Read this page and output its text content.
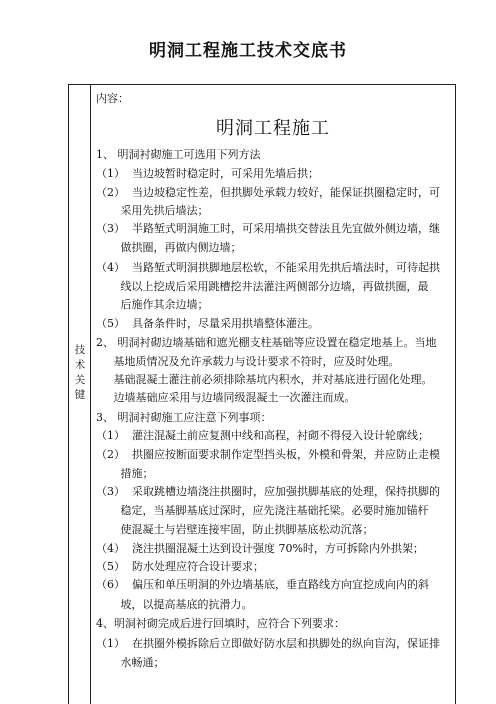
明洞工程施工技术交底书
技
术
关
键
内容：
明洞工程施工
1、 明洞衬砌施工可选用下列方法
（1）  当边坡暂时稳定时，可采用先墙后拱；
（2）  当边坡稳定性差，但拱脚处承载力较好，能保证拱圈稳定时，可
采用先拱后墙法；
（3）  半路堑式明洞施工时，可采用墙拱交替法且先宜做外侧边墙，继
做拱圈，再做内侧边墙；
（4）  当路堑式明洞拱脚地层松软，不能采用先拱后墙法时，可待起拱
线以上挖成后采用跳槽挖井法灌注两侧部分边墙，再做拱圈，最
后施作其余边墙；
（5）  具备条件时，尽量采用拱墙整体灌注。
2、 明洞衬砌边墙基础和遮光棚支柱基础等应设置在稳定地基上。当地
基地质情况及允许承载力与设计要求不符时，应及时处理。
基础混凝土灌注前必须排除基坑内积水，并对基底进行固化处理。
边墙基础应采用与边墙同级混凝土一次灌注而成。
3、 明洞衬砌施工应注意下列事项：
（1）  灌注混凝土前应复测中线和高程，衬砌不得侵入设计轮廓线；
（2）  拱圈应按断面要求制作定型挡头板，外模和骨架，并应防止走模
措施；
（3）  采取跳槽边墙浇注拱圈时，应加强拱脚基底的处理，保持拱脚的
稳定，当基脚基底过深时，应先浇注基础托梁。必要时施加锚杆
使混凝土与岩壁连接牢固，防止拱脚基底松动沉落；
（4）  浇注拱圈混凝土达到设计强度 70%时，方可拆除内外拱架；
（5）  防水处理应符合设计要求；
（6）  偏压和单压明洞的外边墙基底，垂直路线方向宜挖成向内的斜
坡，以提高基底的抗滑力。
4、明洞衬砌完成后进行回填时，应符合下列要求：
（1）  在拱圈外模拆除后立即做好防水层和拱脚处的纵向盲沟，保证排
水畅通；
